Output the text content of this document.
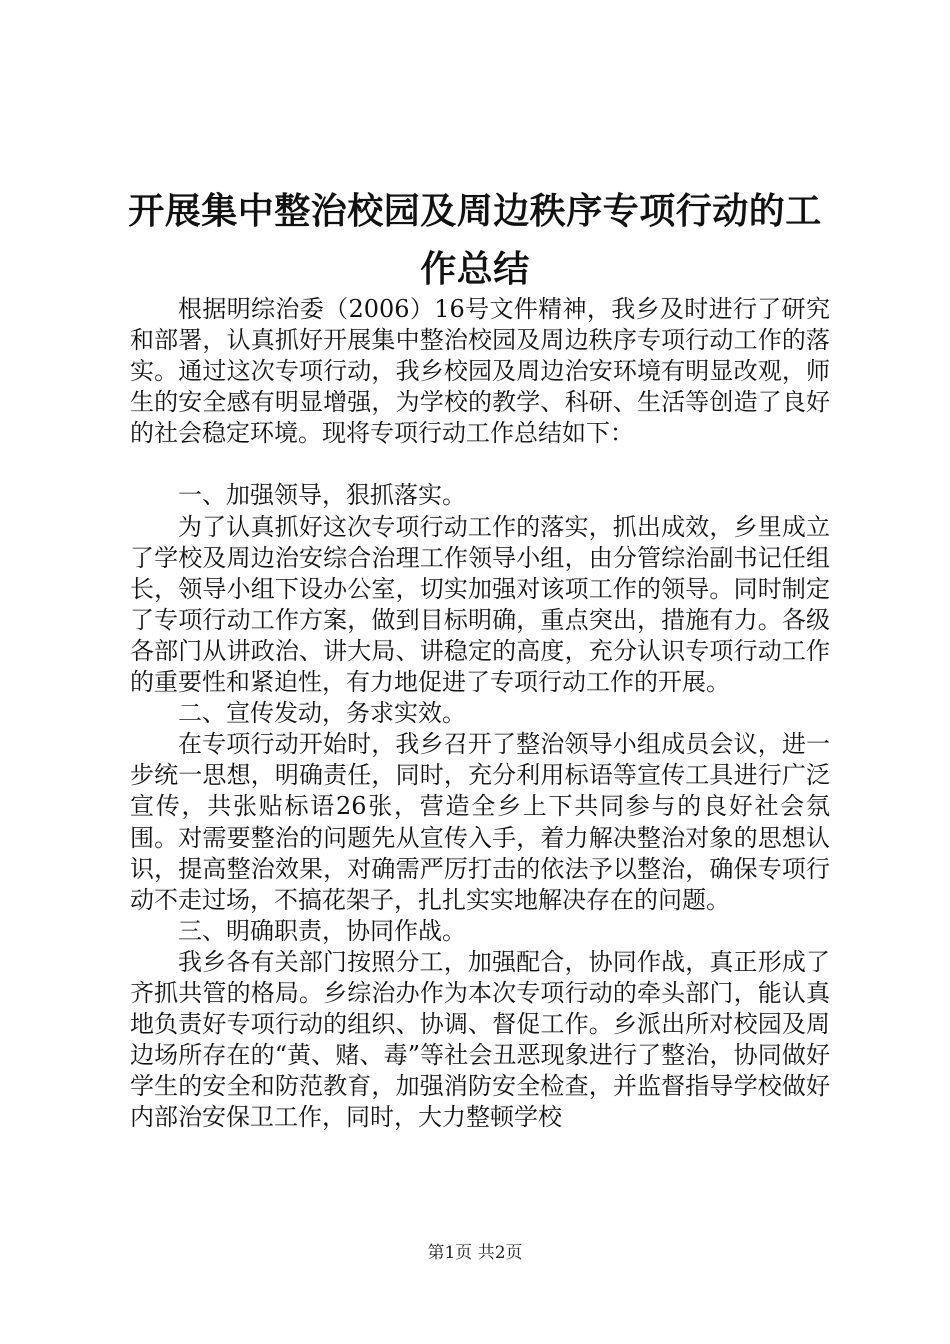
开展集中整治校园及周边秩序专项行动的工作总结

根据明综治委（2006）16号文件精神，我乡及时进行了研究和部署，认真抓好开展集中整治校园及周边秩序专项行动工作的落实。通过这次专项行动，我乡校园及周边治安环境有明显改观，师生的安全感有明显增强，为学校的教学、科研、生活等创造了良好的社会稳定环境。现将专项行动工作总结如下：

一、加强领导，狠抓落实。

为了认真抓好这次专项行动工作的落实，抓出成效，乡里成立了学校及周边治安综合治理工作领导小组，由分管综治副书记任组长，领导小组下设办公室，切实加强对该项工作的领导。同时制定了专项行动工作方案，做到目标明确，重点突出，措施有力。各级各部门从讲政治、讲大局、讲稳定的高度，充分认识专项行动工作的重要性和紧迫性，有力地促进了专项行动工作的开展。

二、宣传发动，务求实效。

在专项行动开始时，我乡召开了整治领导小组成员会议，进一步统一思想，明确责任，同时，充分利用标语等宣传工具进行广泛宣传，共张贴标语26张，营造全乡上下共同参与的良好社会氛围。对需要整治的问题先从宣传入手，着力解决整治对象的思想认识，提高整治效果，对确需严厉打击的依法予以整治，确保专项行动不走过场，不搞花架子，扎扎实实地解决存在的问题。

三、明确职责，协同作战。

我乡各有关部门按照分工，加强配合，协同作战，真正形成了齐抓共管的格局。乡综治办作为本次专项行动的牵头部门，能认真地负责好专项行动的组织、协调、督促工作。乡派出所对校园及周边场所存在的“黄、赌、毒”等社会丑恶现象进行了整治，协同做好学生的安全和防范教育，加强消防安全检查，并监督指导学校做好内部治安保卫工作，同时，大力整顿学校

第1页 共2页
